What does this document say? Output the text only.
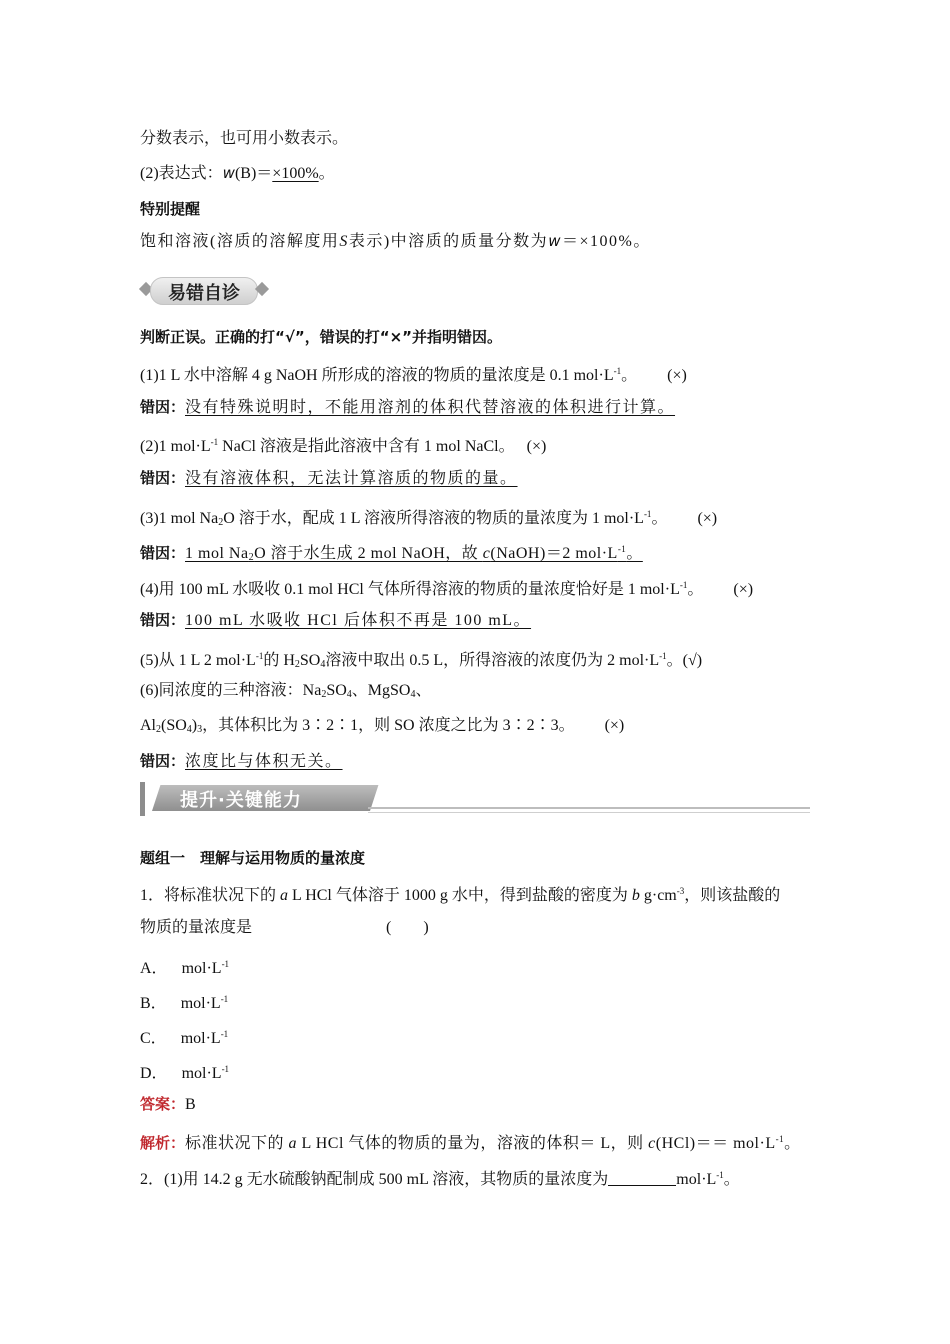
分数表示，也可用小数表示。
(2)表达式：w(B)＝×100%。
特别提醒
饱和溶液(溶质的溶解度用S表示)中溶质的质量分数为w＝×100%。
易错自诊
判断正误。正确的打“√”，错误的打“×”并指明错因。
(1)1 L 水中溶解 4 g NaOH 所形成的溶液的物质的量浓度是 0.1 $mol\cdot L^{-1}$。 (×)
错因：没有特殊说明时，不能用溶剂的体积代替溶液的体积进行计算。
(2)1 $mol\cdot L^{-1}$ NaCl 溶液是指此溶液中含有 1 mol NaCl。 (×)
错因：没有溶液体积，无法计算溶质的物质的量。
(3)1 mol $Na_2O$ 溶于水，配成 1 L 溶液所得溶液的物质的量浓度为 1 $mol\cdot L^{-1}$。 (×)
错因：1 mol $Na_2O$ 溶于水生成 2 mol NaOH，故 c(NaOH)＝2 $mol\cdot L^{-1}$。
(4)用 100 mL 水吸收 0.1 mol HCl 气体所得溶液的物质的量浓度恰好是 1 $mol\cdot L^{-1}$。 (×)
错因：100 mL 水吸收 HCl 后体积不再是 100 mL。
(5)从 1 L 2 $mol\cdot L^{-1}$的 $H_2SO_4$溶液中取出 0.5 L，所得溶液的浓度仍为 2 $mol\cdot L^{-1}$。(√)
(6)同浓度的三种溶液：$Na_2SO_4$、MgSO$_4$、
$Al_2(SO_4)_3$，其体积比为 3∶2∶1，则 SO 浓度之比为 3∶2∶3。 (×)
错因：浓度比与体积无关。
提升·关键能力
题组一　理解与运用物质的量浓度
1．将标准状况下的 a L HCl 气体溶于 1000 g 水中，得到盐酸的密度为 b $g\cdot cm^{-3}$，则该盐酸的
物质的量浓度是	(　　)
A． $mol\cdot L^{-1}$
B． $mol\cdot L^{-1}$
C． $mol\cdot L^{-1}$
D． $mol\cdot L^{-1}$
答案：B
解析：标准状况下的 a L HCl 气体的物质的量为，溶液的体积＝ L，则 $c(HCl)== mol\cdot L^{-1}$。
2．(1)用 14.2 g 无水硫酸钠配制成 500 mL 溶液，其物质的量浓度为	$mol\cdot L^{-1}$。
